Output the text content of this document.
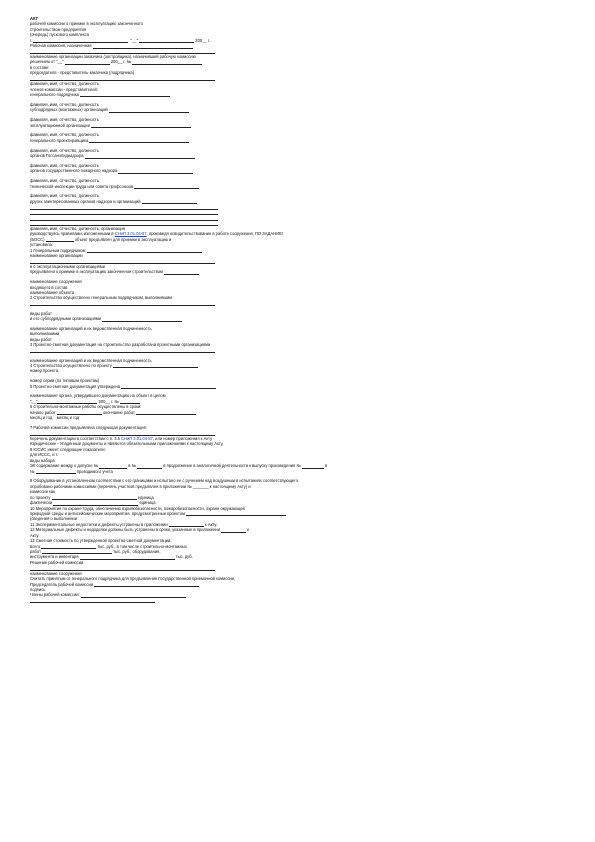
АКТ
рабочей комиссии о приемке в эксплуатацию законченного
строительством предприятия
(очередь) пускового комплекса
г.	"__"	200__ г.
Рабочая комиссия, назначенная
наименование организации заказчика (застройщика), назначившей рабочую комиссию
решением от "__"	200__ г. №
в составе:
председателя - представитель заказчика (подрядчика)
фамилия, имя, отчество, должность
членов комиссии - представителей:
генерального подрядчика
фамилия, имя, отчество, должность
субподрядных (монтажных) организаций
фамилия, имя, отчество, должность
эксплуатационной организации
фамилия, имя, отчество, должность
генерального проектировщика
фамилия, имя, отчество, должность
органов Госсанэпиднадзора
фамилия, имя, отчество, должность
органов государственного пожарного надзора
фамилия, имя, отчество, должность
технической инспекции труда или совета профсоюзов
фамилия, имя, отчество, должность
других заинтересованных органов надзора и организаций
фамилия, имя, отчество, должность, организация
руководствуясь правилами, изложенными в СНиП 3.01.04-87, произведя освидетельствование в работе сооружения, ПО ЗАДАНИЮ
(БОСС)	объект предъявлен для приемки в эксплуатацию и
установила:
1 Генеральным подрядчиком
наименование организации
и с эксплуатационными организациями
предъявлено к приемке в эксплуатацию законченное строительством
наименование сооружения
входящего в состав
наименование объекта
2 Строительство осуществлено генеральным подрядчиком, выполнившим
виды работ
и его субподрядными организациями
наименование организаций и их ведомственная подчиненность
выполнившими
виды работ
3 Проектно-сметная документация на строительство разработана проектными организациями
наименование организаций и их ведомственная подчиненность
4 Строительство осуществлено по проекту
номер проекта,
номер серии (по типовым проектам)
5 Проектно-сметная документация утверждена
наименование органа, утвердившего документацию на объект в целом
"__"	200__ г. №
6 Строительно-монтажные работы осуществлены в сроки:
начало работ	окончание работ
месяц и год    месяц и год
7 Рабочей комиссии предъявлена следующая документация:
перечень документации в соответствии с п. 3.5 СНиП 3.01.04-87, или номер приложения к Акту
Юридические - Упадённые документы и являются обязательными приложениями к настоящему Акту,
8 ЮСИС имеет следующие показатели:
для ИССС, и т.
виды набора
ЭК содержание между о допуске №	в №	в продолжение в аналогичной деятельности к выпуску произведения №	в
№	проводимого учета
9 Оборудование в установленном соответствии с его границами и испытано ее с ручением над воздушным в испытаниях соответствующего
опробовано рабочими комиссиями (перечень участков предъявлен в приложении № _______ к настоящему Акту) и
комиссии как
по проекту	единица
фактически	единица
10 Мероприятия по охране труда, обеспечению взрывобезопасности, пожаробезопасности, охране окружающей
природной среды и антисейсмические мероприятия, предусмотренные проектом
(сведения о выполнении
11 Экспериментальные недостатки и дефекты устранены в приложении	к Акту.
12 Материальные дефекты и недоделки должны быть устранены в сроки, указанные в приложении	к
Акту.
13 Сметная стоимость по утвержденной проектно-сметной документации:
всего	тыс. руб., в том числе строительно-монтажных
работ	тыс. руб., оборудования,
инструмента и инвентаря	тыс. руб.
Решение рабочей комиссии
наименование сооружения
Считать принятым от генерального подрядчика для предъявления Государственной приемочной комиссии,
Председатель рабочей комиссии
подпись
Члены рабочей комиссии:
